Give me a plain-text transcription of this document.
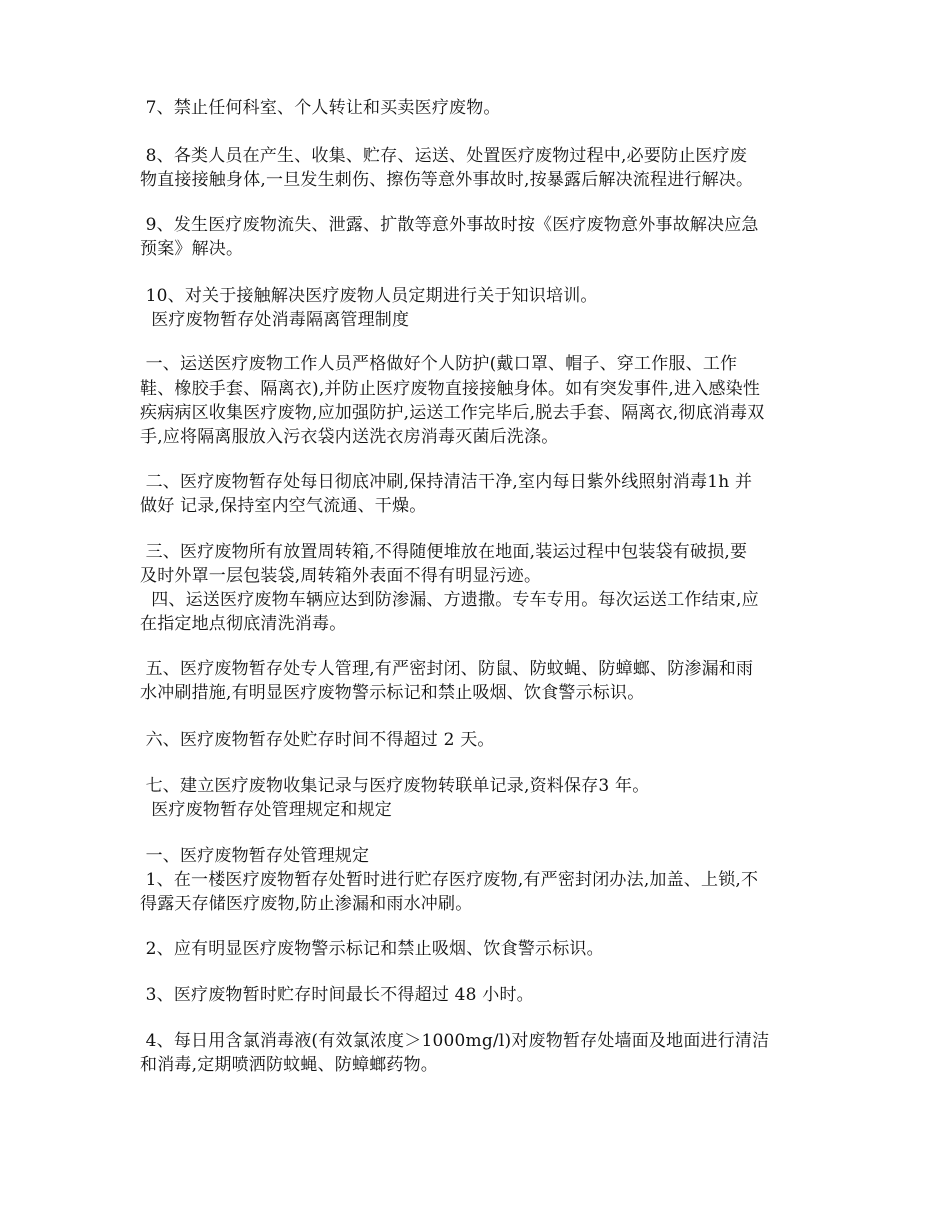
7、禁止任何科室、个人转让和买卖医疗废物。
8、各类人员在产生、收集、贮存、运送、处置医疗废物过程中,必要防止医疗废
物直接接触身体,一旦发生刺伤、擦伤等意外事故时,按暴露后解决流程进行解决。
9、发生医疗废物流失、泄露、扩散等意外事故时按《医疗废物意外事故解决应急
预案》解决。
10、对关于接触解决医疗废物人员定期进行关于知识培训。
医疗废物暂存处消毒隔离管理制度
一、运送医疗废物工作人员严格做好个人防护(戴口罩、帽子、穿工作服、工作
鞋、橡胶手套、隔离衣),并防止医疗废物直接接触身体。如有突发事件,进入感染性
疾病病区收集医疗废物,应加强防护,运送工作完毕后,脱去手套、隔离衣,彻底消毒双
手,应将隔离服放入污衣袋内送洗衣房消毒灭菌后洗涤。
二、医疗废物暂存处每日彻底冲刷,保持清洁干净,室内每日紫外线照射消毒1h 并
做好 记录,保持室内空气流通、干燥。
三、医疗废物所有放置周转箱,不得随便堆放在地面,装运过程中包装袋有破损,要
及时外罩一层包装袋,周转箱外表面不得有明显污迹。
四、运送医疗废物车辆应达到防渗漏、方遗撒。专车专用。每次运送工作结束,应
在指定地点彻底清洗消毒。
五、医疗废物暂存处专人管理,有严密封闭、防鼠、防蚊蝇、防蟑螂、防渗漏和雨
水冲刷措施,有明显医疗废物警示标记和禁止吸烟、饮食警示标识。
六、医疗废物暂存处贮存时间不得超过 2 天。
七、建立医疗废物收集记录与医疗废物转联单记录,资料保存3 年。
医疗废物暂存处管理规定和规定
一、医疗废物暂存处管理规定
1、在一楼医疗废物暂存处暂时进行贮存医疗废物,有严密封闭办法,加盖、上锁,不
得露天存储医疗废物,防止渗漏和雨水冲刷。
2、应有明显医疗废物警示标记和禁止吸烟、饮食警示标识。
3、医疗废物暂时贮存时间最长不得超过 48 小时。
4、每日用含氯消毒液(有效氯浓度＞1000mg/l)对废物暂存处墙面及地面进行清洁
和消毒,定期喷洒防蚊蝇、防蟑螂药物。
